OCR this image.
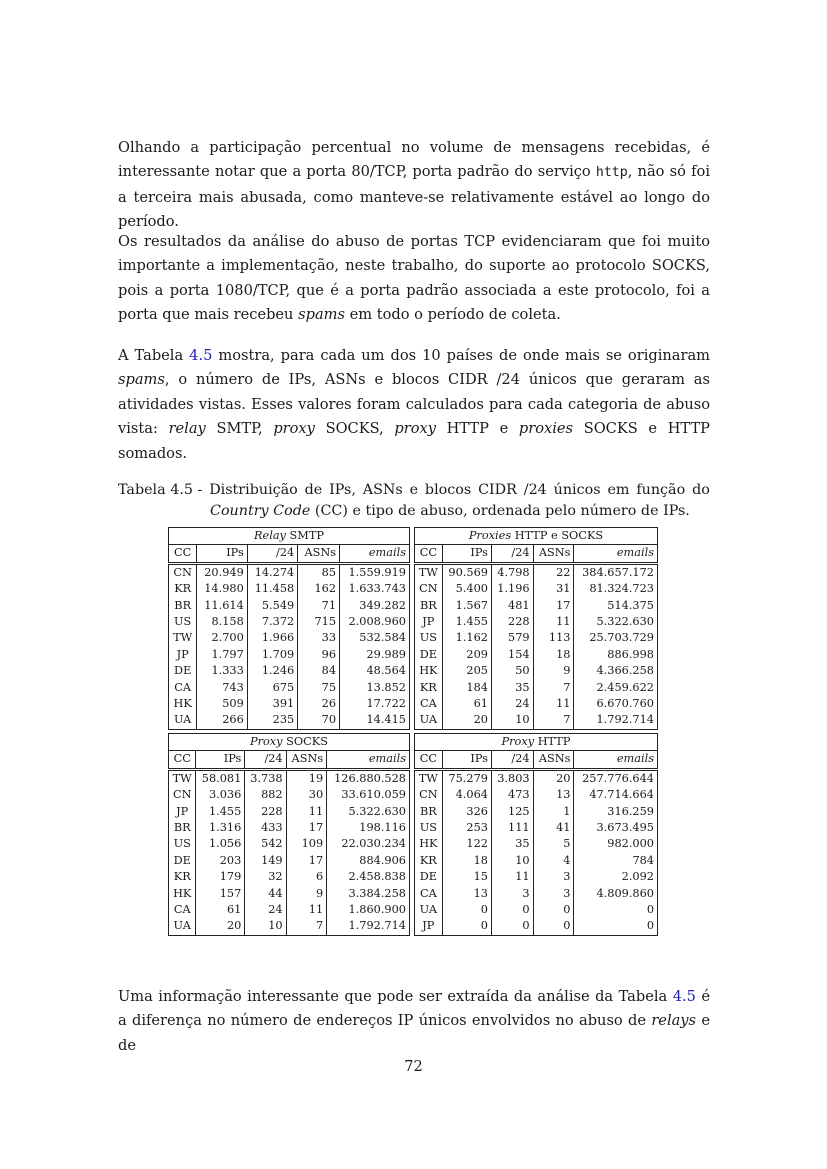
Olhando a participação percentual no volume de mensagens recebidas, é interessante notar que a porta 80/TCP, porta padrão do serviço http, não só foi a terceira mais abusada, como manteve-se relativamente estável ao longo do período.

Os resultados da análise do abuso de portas TCP evidenciaram que foi muito importante a implementação, neste trabalho, do suporte ao protocolo SOCKS, pois a porta 1080/TCP, que é a porta padrão associada a este protocolo, foi a porta que mais recebeu spams em todo o período de coleta.

A Tabela 4.5 mostra, para cada um dos 10 países de onde mais se originaram spams, o número de IPs, ASNs e blocos CIDR /24 únicos que geraram as atividades vistas. Esses valores foram calculados para cada categoria de abuso vista: relay SMTP, proxy SOCKS, proxy HTTP e proxies SOCKS e HTTP somados.

Tabela 4.5 - Distribuição de IPs, ASNs e blocos CIDR /24 únicos em função do
Country Code (CC) e tipo de abuso, ordenada pelo número de IPs.
Relay SMTP				
CC	IPs	/24	ASNs	emails
CN	20.949	14.274	85	1.559.919
KR	14.980	11.458	162	1.633.743
BR	11.614	5.549	71	349.282
US	8.158	7.372	715	2.008.960
TW	2.700	1.966	33	532.584
JP	1.797	1.709	96	29.989
DE	1.333	1.246	84	48.564
CA	743	675	75	13.852
HK	509	391	26	17.722
UA	266	235	70	14.415
Proxies HTTP e SOCKS				
CC	IPs	/24	ASNs	emails
TW	90.569	4.798	22	384.657.172
CN	5.400	1.196	31	81.324.723
BR	1.567	481	17	514.375
JP	1.455	228	11	5.322.630
US	1.162	579	113	25.703.729
DE	209	154	18	886.998
HK	205	50	9	4.366.258
KR	184	35	7	2.459.622
CA	61	24	11	6.670.760
UA	20	10	7	1.792.714
Proxy SOCKS				
CC	IPs	/24	ASNs	emails
TW	58.081	3.738	19	126.880.528
CN	3.036	882	30	33.610.059
JP	1.455	228	11	5.322.630
BR	1.316	433	17	198.116
US	1.056	542	109	22.030.234
DE	203	149	17	884.906
KR	179	32	6	2.458.838
HK	157	44	9	3.384.258
CA	61	24	11	1.860.900
UA	20	10	7	1.792.714
Proxy HTTP				
CC	IPs	/24	ASNs	emails
TW	75.279	3.803	20	257.776.644
CN	4.064	473	13	47.714.664
BR	326	125	1	316.259
US	253	111	41	3.673.495
HK	122	35	5	982.000
KR	18	10	4	784
DE	15	11	3	2.092
CA	13	3	3	4.809.860
UA	0	0	0	0
JP	0	0	0	0

Uma informação interessante que pode ser extraída da análise da Tabela 4.5 é a diferença no número de endereços IP únicos envolvidos no abuso de relays e de

72
